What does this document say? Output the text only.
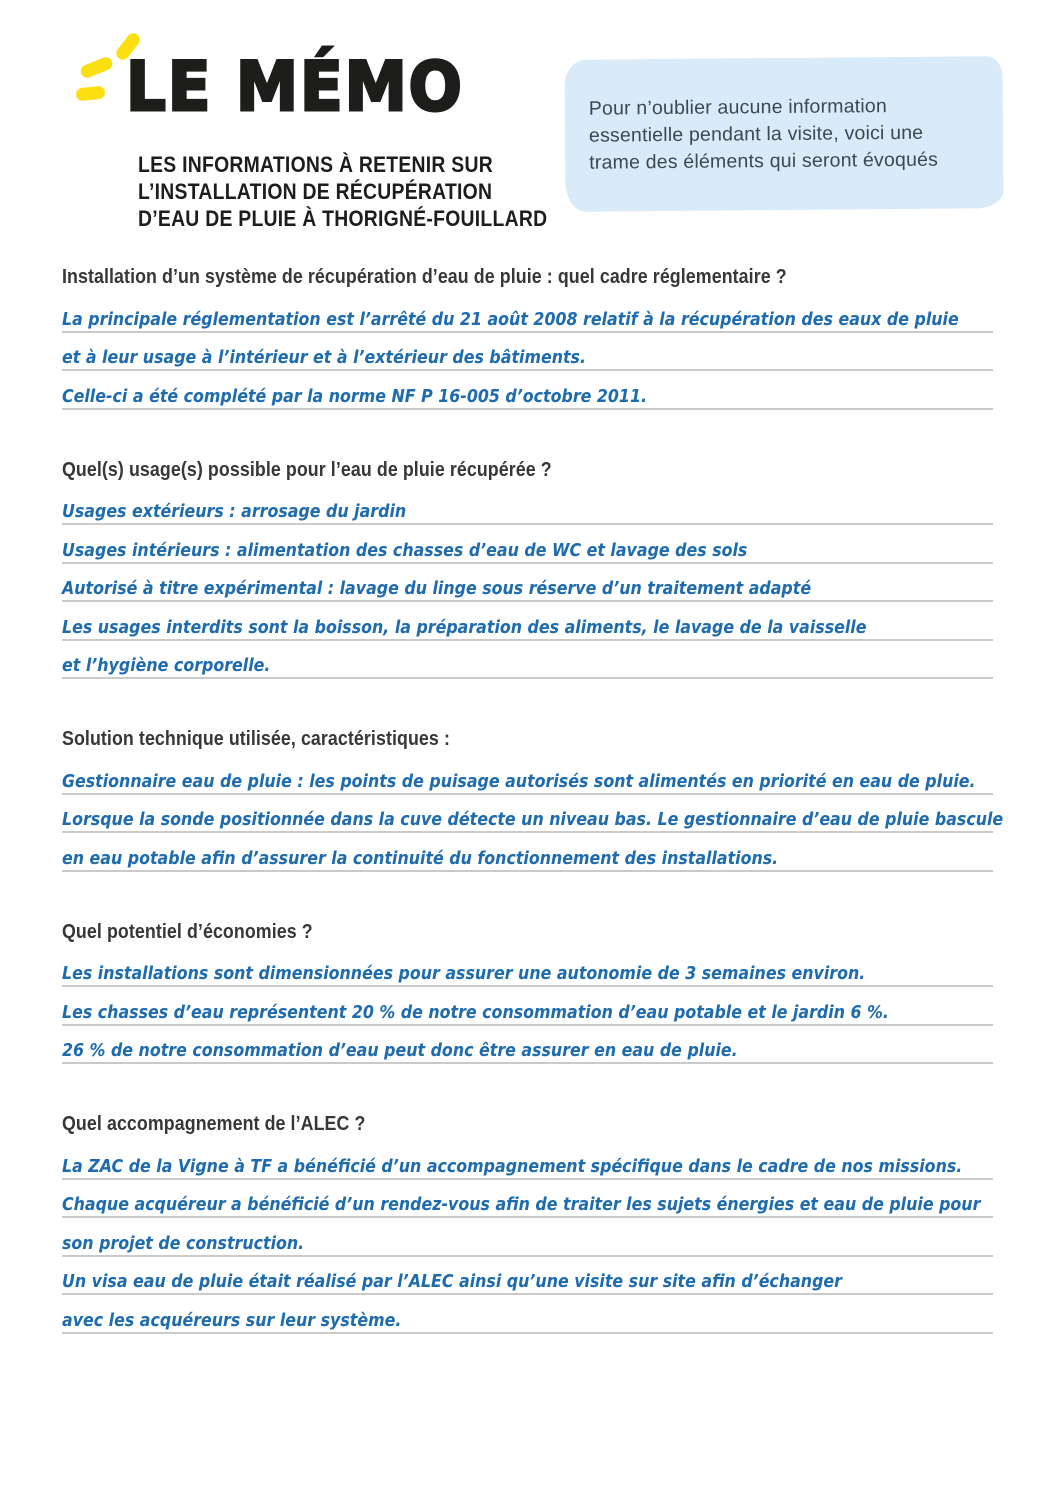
LE MÉMO
LES INFORMATIONS À RETENIR SUR
L’INSTALLATION DE RÉCUPÉRATION
D’EAU DE PLUIE À THORIGNÉ-FOUILLARD

Pour n’oublier aucune information essentielle pendant la visite, voici une trame des éléments qui seront évoqués

Installation d’un système de récupération d’eau de pluie : quel cadre réglementaire ?
La principale réglementation est l’arrêté du 21 août 2008 relatif à la récupération des eaux de pluie
et à leur usage à l’intérieur et à l’extérieur des bâtiments.
Celle-ci a été complété par la norme NF P 16-005 d’octobre 2011.
Quel(s) usage(s) possible pour l’eau de pluie récupérée ?
Usages extérieurs : arrosage du jardin
Usages intérieurs : alimentation des chasses d’eau de WC et lavage des sols
Autorisé à titre expérimental : lavage du linge sous réserve d’un traitement adapté
Les usages interdits sont la boisson, la préparation des aliments, le lavage de la vaisselle
et l’hygiène corporelle.
Solution technique utilisée, caractéristiques :
Gestionnaire eau de pluie : les points de puisage autorisés sont alimentés en priorité en eau de pluie.
Lorsque la sonde positionnée dans la cuve détecte un niveau bas. Le gestionnaire d’eau de pluie bascule
en eau potable afin d’assurer la continuité du fonctionnement des installations.
Quel potentiel d’économies ?
Les installations sont dimensionnées pour assurer une autonomie de 3 semaines environ.
Les chasses d’eau représentent 20 % de notre consommation d’eau potable et le jardin 6 %.
26 % de notre consommation d’eau peut donc être assurer en eau de pluie.
Quel accompagnement de l’ALEC ?
La ZAC de la Vigne à TF a bénéficié d’un accompagnement spécifique dans le cadre de nos missions.
Chaque acquéreur a bénéficié d’un rendez-vous afin de traiter les sujets énergies et eau de pluie pour
son projet de construction.
Un visa eau de pluie était réalisé par l’ALEC ainsi qu’une visite sur site afin d’échanger
avec les acquéreurs sur leur système.
